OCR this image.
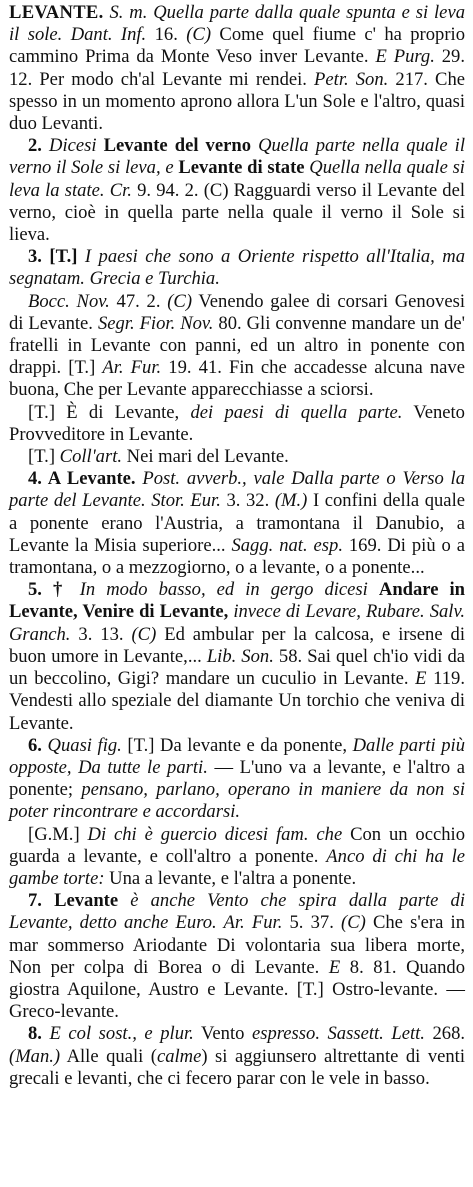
LEVANTE. S. m. Quella parte dalla quale spunta e si leva il sole. Dant. Inf. 16. (C) Come quel fiume c' ha proprio cammino Prima da Monte Veso inver Levante. E Purg. 29. 12. Per modo ch'al Levante mi rendei. Petr. Son. 217. Che spesso in un momento aprono allora L'un Sole e l'altro, quasi duo Levanti.

2. Dicesi Levante del verno Quella parte nella quale il verno il Sole si leva, e Levante di state Quella nella quale si leva la state. Cr. 9. 94. 2. (C) Ragguardi verso il Levante del verno, cioè in quella parte nella quale il verno il Sole si lieva.

3. [T.] I paesi che sono a Oriente rispetto all'Italia, ma segnatam. Grecia e Turchia.

Bocc. Nov. 47. 2. (C) Venendo galee di corsari Genovesi di Levante. Segr. Fior. Nov. 80. Gli convenne mandare un de' fratelli in Levante con panni, ed un altro in ponente con drappi. [T.] Ar. Fur. 19. 41. Fin che accadesse alcuna nave buona, Che per Levante apparecchiasse a sciorsi.

[T.] È di Levante, dei paesi di quella parte. Veneto Provveditore in Levante.

[T.] Coll'art. Nei mari del Levante.

4. A Levante. Post. avverb., vale Dalla parte o Verso la parte del Levante. Stor. Eur. 3. 32. (M.) I confini della quale a ponente erano l'Austria, a tramontana il Danubio, a Levante la Misia superiore... Sagg. nat. esp. 169. Di più o a tramontana, o a mezzogiorno, o a levante, o a ponente...

5. † In modo basso, ed in gergo dicesi Andare in Levante, Venire di Levante, invece di Levare, Rubare. Salv. Granch. 3. 13. (C) Ed ambular per la calcosa, e irsene di buon umore in Levante,... Lib. Son. 58. Sai quel ch'io vidi da un beccolino, Gigi? mandare un cuculio in Levante. E 119. Vendesti allo speziale del diamante Un torchio che veniva di Levante.

6. Quasi fig. [T.] Da levante e da ponente, Dalle parti più opposte, Da tutte le parti. — L'uno va a levante, e l'altro a ponente; pensano, parlano, operano in maniere da non si poter rincontrare e accordarsi.

[G.M.] Di chi è guercio dicesi fam. che Con un occhio guarda a levante, e coll'altro a ponente. Anco di chi ha le gambe torte: Una a levante, e l'altra a ponente.

7. Levante è anche Vento che spira dalla parte di Levante, detto anche Euro. Ar. Fur. 5. 37. (C) Che s'era in mar sommerso Ariodante Di volontaria sua libera morte, Non per colpa di Borea o di Levante. E 8. 81. Quando giostra Aquilone, Austro e Levante. [T.] Ostro-levante. — Greco-levante.

8. E col sost., e plur. Vento espresso. Sassett. Lett. 268. (Man.) Alle quali (calme) si aggiunsero altrettante di venti grecali e levanti, che ci fecero parar con le vele in basso.
